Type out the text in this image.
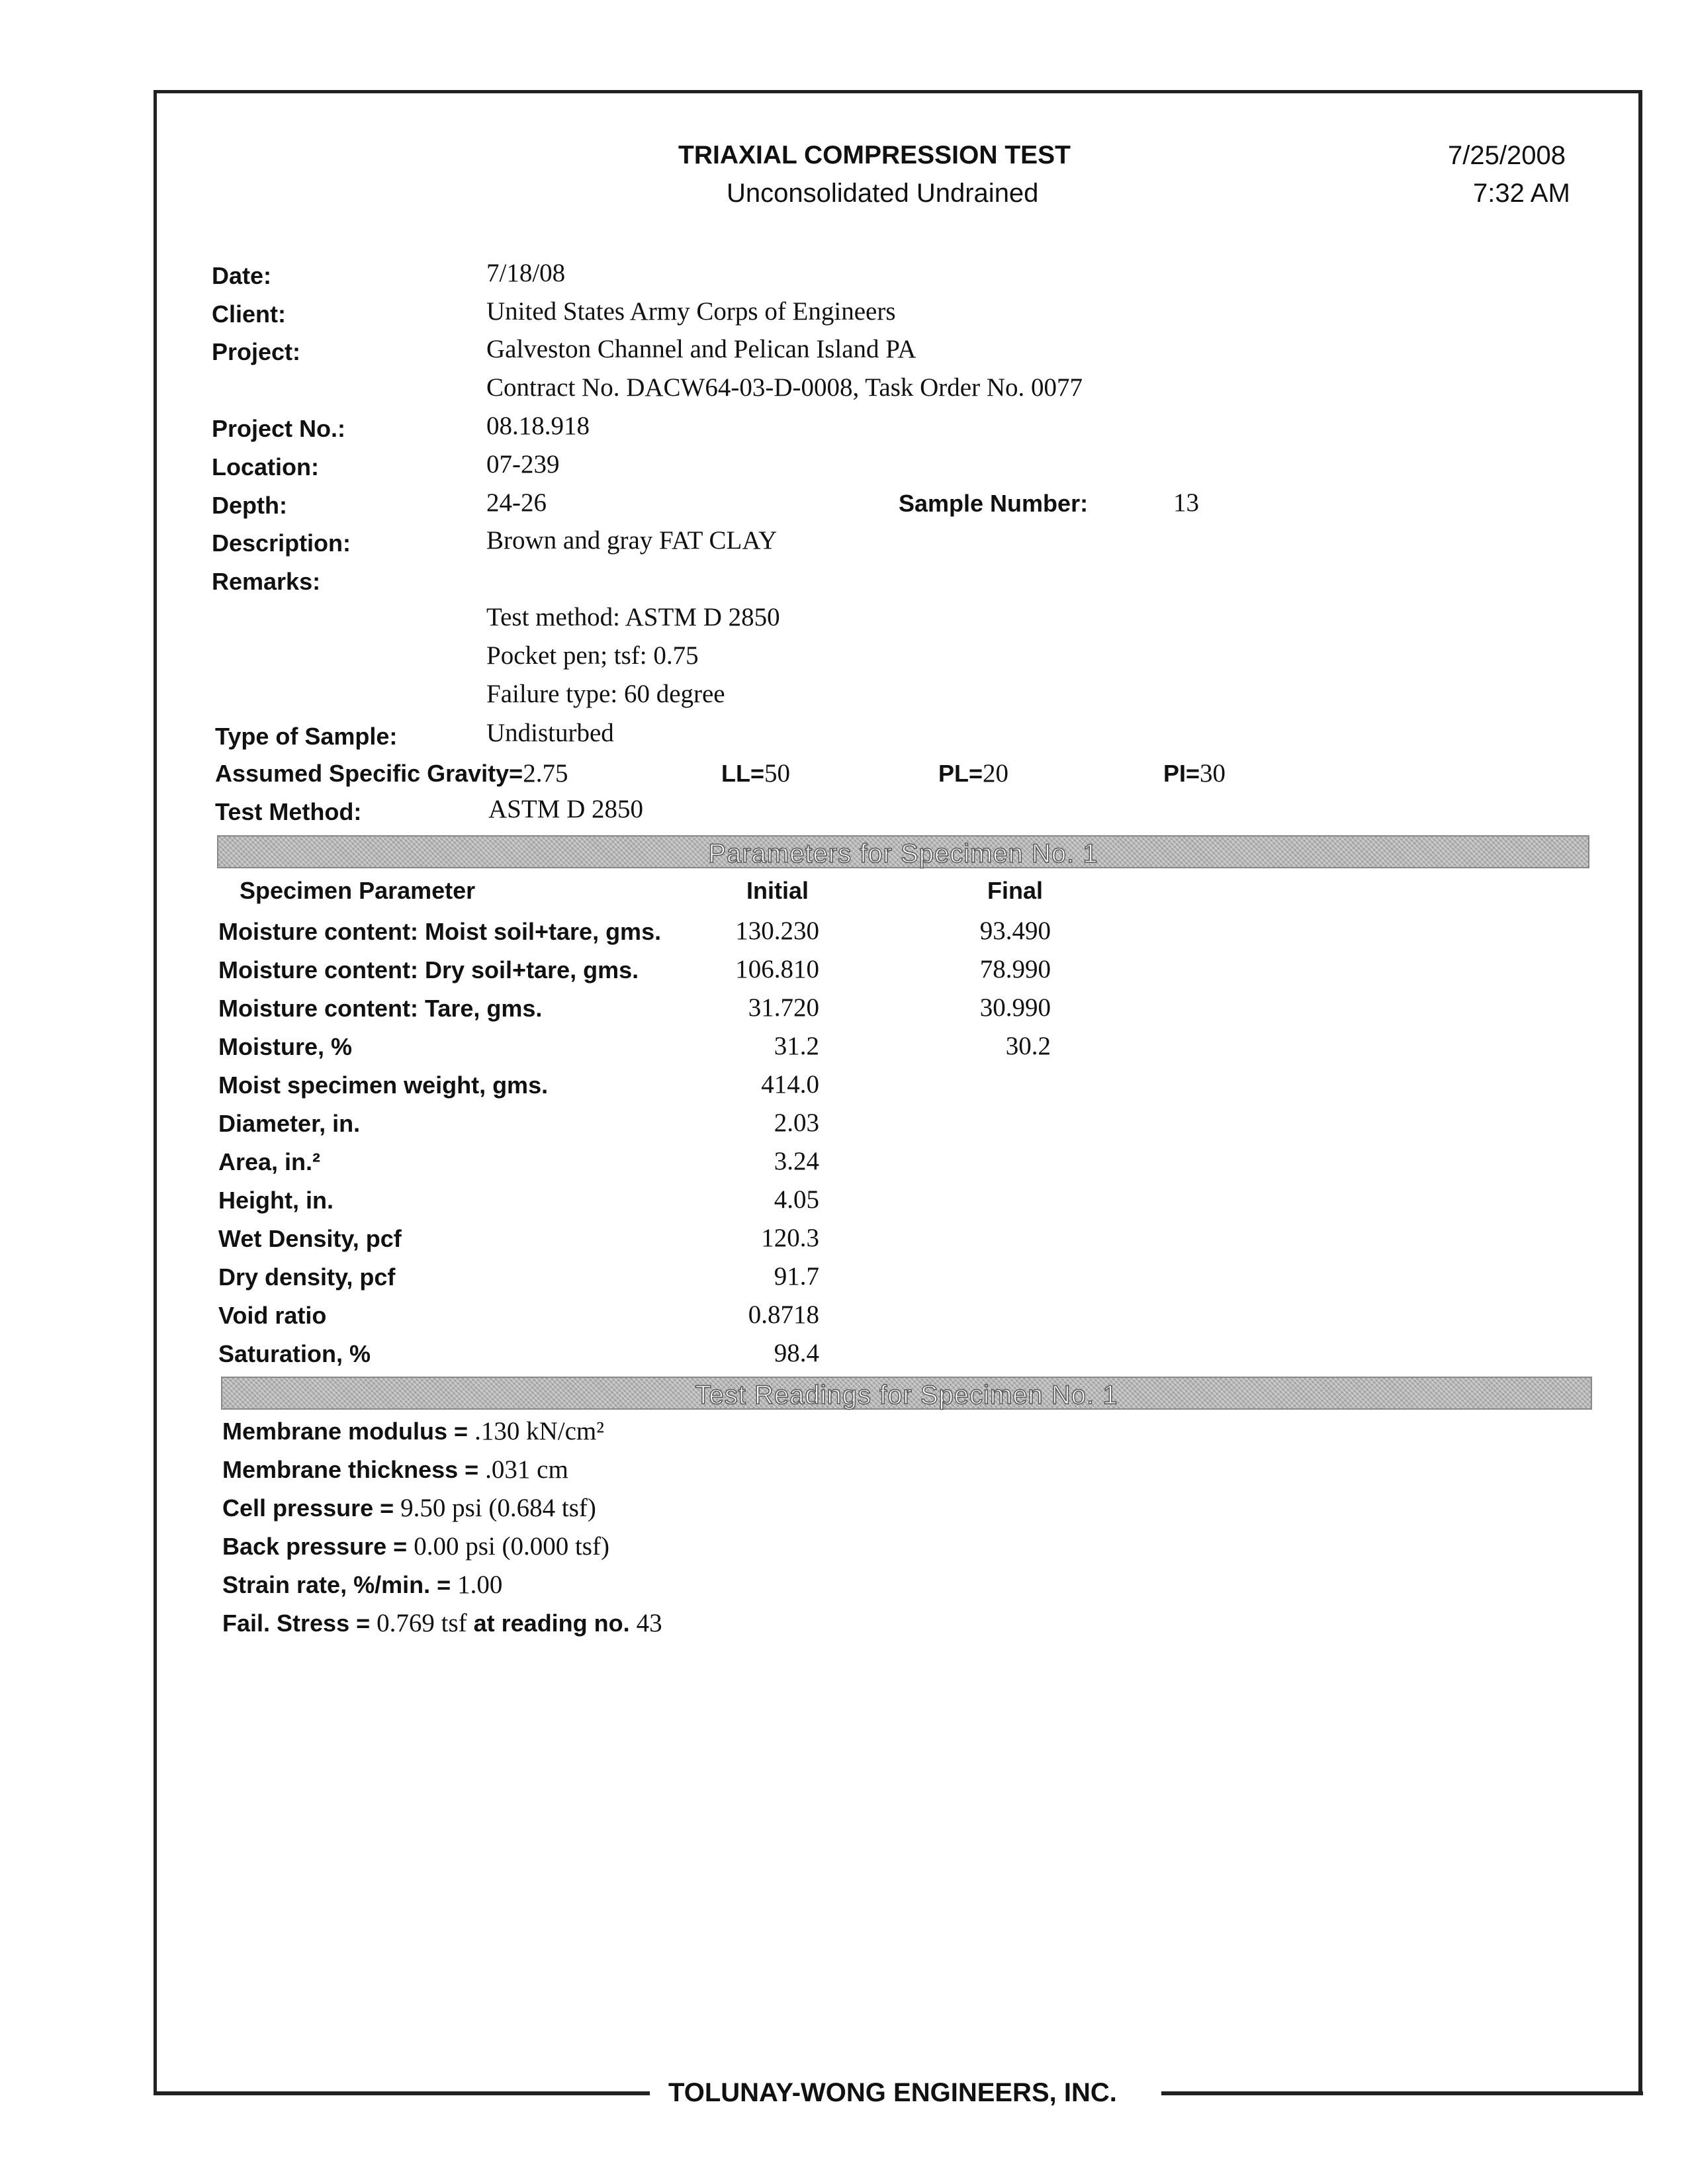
TRIAXIAL COMPRESSION TEST
Unconsolidated Undrained
7/25/2008
7:32 AM
Date:	7/18/08
Client:	United States Army Corps of Engineers
Project:	Galveston Channel and Pelican Island PA
Contract No. DACW64-03-D-0008, Task Order No. 0077
Project No.:	08.18.918
Location:	07-239
Depth:	24-26	Sample Number:	13
Description:	Brown and gray FAT CLAY
Remarks:
Test method: ASTM D 2850
Pocket pen; tsf: 0.75
Failure type: 60 degree
Type of Sample:	Undisturbed
Assumed Specific Gravity=2.75	LL=50	PL=20	PI=30
Test Method:	ASTM D 2850
Parameters for Specimen No. 1
Specimen Parameter	Initial	Final
Moisture content: Moist soil+tare, gms.	130.230	93.490
Moisture content: Dry soil+tare, gms.	106.810	78.990
Moisture content: Tare, gms.	31.720	30.990
Moisture, %	31.2	30.2
Moist specimen weight, gms.	414.0
Diameter, in.	2.03
Area, in.²	3.24
Height, in.	4.05
Wet Density, pcf	120.3
Dry density, pcf	91.7
Void ratio	0.8718
Saturation, %	98.4
Test Readings for Specimen No. 1
Membrane modulus = .130 kN/cm²
Membrane thickness = .031 cm
Cell pressure = 9.50 psi (0.684 tsf)
Back pressure = 0.00 psi (0.000 tsf)
Strain rate, %/min. = 1.00
Fail. Stress = 0.769 tsf at reading no. 43
TOLUNAY-WONG ENGINEERS, INC.
